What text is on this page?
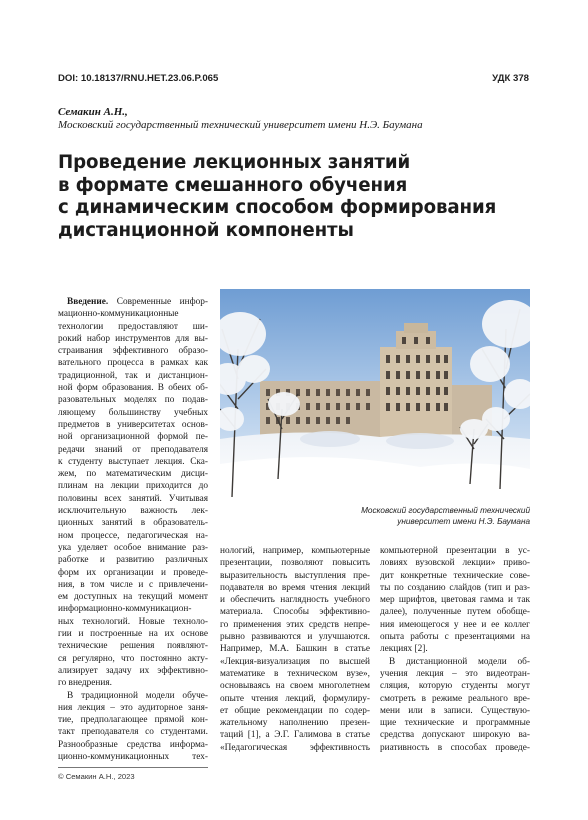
DOI: 10.18137/RNU.HET.23.06.P.065	УДК 378
Семакин А.Н.,
Московский государственный технический университет имени Н.Э. Баумана
Проведение лекционных занятий
в формате смешанного обучения
с динамическим способом формирования
дистанционной компоненты
Московский государственный технический
университет имени Н.Э. Баумана
Введение. Современные инфор-
мационно-коммуникационные
технологии предоставляют ши-
рокий набор инструментов для вы-
страивания эффективного образо-
вательного процесса в рамках как
традиционной, так и дистанцион-
ной форм образования. В обеих об-
разовательных моделях по подав-
ляющему большинству учебных
предметов в университетах основ-
ной организационной формой пе-
редачи знаний от преподавателя
к студенту выступает лекция. Ска-
жем, по математическим дисци-
плинам на лекции приходится до
половины всех занятий. Учитывая
исключительную важность лек-
ционных занятий в образователь-
ном процессе, педагогическая на-
ука уделяет особое внимание раз-
работке и развитию различных
форм их организации и проведе-
ния, в том числе и с привлечени-
ем доступных на текущий момент
информационно-коммуникацион-
ных технологий. Новые техноло-
гии и построенные на их основе
технические решения появляют-
ся регулярно, что постоянно акту-
ализирует задачу их эффективно-
го внедрения.
В традиционной модели обуче-
ния лекция – это аудиторное заня-
тие, предполагающее прямой кон-
такт преподавателя со студентами.
Разнообразные средства информа-
ционно-коммуникационных тех-
нологий, например, компьютерные
презентации, позволяют повысить
выразительность выступления пре-
подавателя во время чтения лекций
и обеспечить наглядность учебного
материала. Способы эффективно-
го применения этих средств непре-
рывно развиваются и улучшаются.
Например, М.А. Башкин в статье
«Лекция-визуализация по высшей
математике в техническом вузе»,
основываясь на своем многолетнем
опыте чтения лекций, формулиру-
ет общие рекомендации по содер-
жательному наполнению презен-
таций [1], а Э.Г. Галимова в статье
«Педагогическая эффективность
компьютерной презентации в ус-
ловиях вузовской лекции» приво-
дит конкретные технические сове-
ты по созданию слайдов (тип и раз-
мер шрифтов, цветовая гамма и так
далее), полученные путем обобще-
ния имеющегося у нее и ее коллег
опыта работы с презентациями на
лекциях [2].
В дистанционной модели об-
учения лекция – это видеотран-
сляция, которую студенты могут
смотреть в режиме реального вре-
мени или в записи. Существую-
щие технические и программные
средства допускают широкую ва-
риативность в способах проведе-
© Семакин А.Н., 2023
